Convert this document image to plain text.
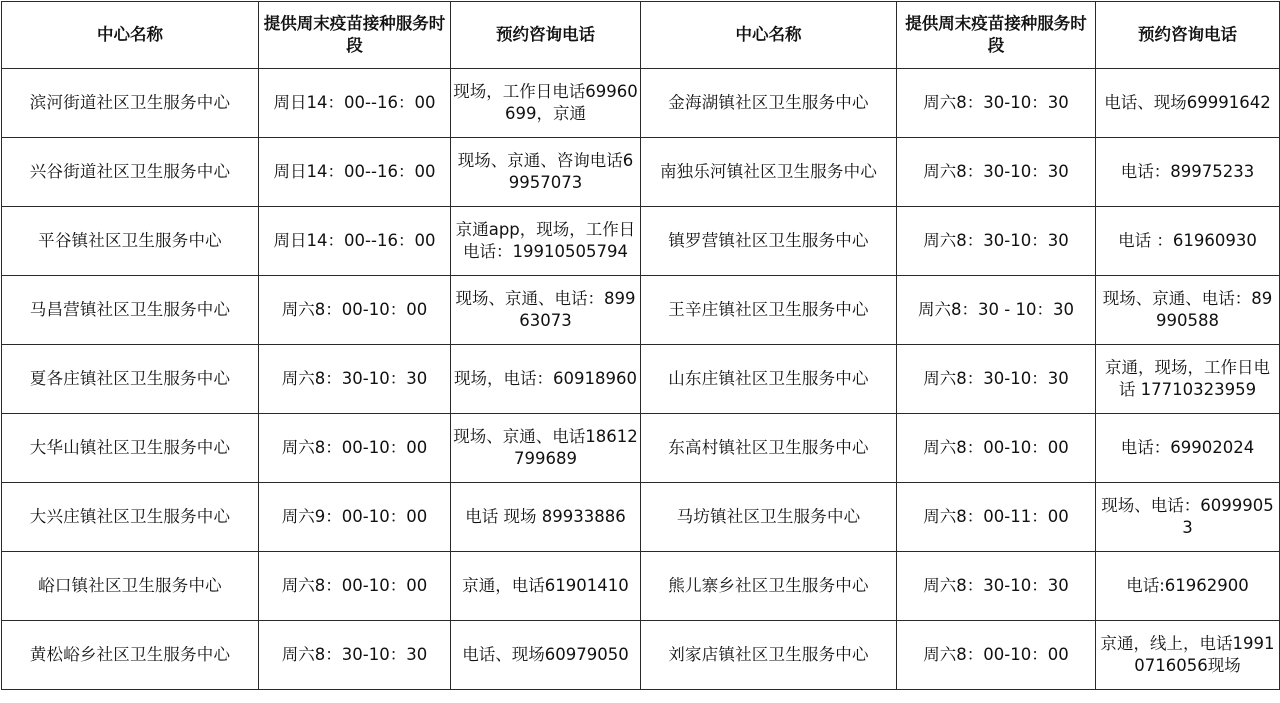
中心名称	提供周末疫苗接种服务时段	预约咨询电话	中心名称	提供周末疫苗接种服务时段	预约咨询电话
滨河街道社区卫生服务中心	周日14：00--16：00	现场，工作日电话69960699，京通	金海湖镇社区卫生服务中心	周六8：30-10：30	电话、现场69991642
兴谷街道社区卫生服务中心	周日14：00--16：00	现场、京通、咨询电话69957073	南独乐河镇社区卫生服务中心	周六8：30-10：30	电话：89975233
平谷镇社区卫生服务中心	周日14：00--16：00	京通app，现场，工作日电话：19910505794	镇罗营镇社区卫生服务中心	周六8：30-10：30	电话 ：61960930
马昌营镇社区卫生服务中心	周六8：00-10：00	现场、京通、电话：89963073	王辛庄镇社区卫生服务中心	周六8：30 - 10：30	现场、京通、电话：89990588
夏各庄镇社区卫生服务中心	周六8：30-10：30	现场，电话：60918960	山东庄镇社区卫生服务中心	周六8：30-10：30	京通，现场，工作日电话 17710323959
大华山镇社区卫生服务中心	周六8：00-10：00	现场、京通、电话18612799689	东高村镇社区卫生服务中心	周六8：00-10：00	电话：69902024
大兴庄镇社区卫生服务中心	周六9：00-10：00	电话 现场 89933886	马坊镇社区卫生服务中心	周六8：00-11：00	现场、电话：60999053
峪口镇社区卫生服务中心	周六8：00-10：00	京通，电话61901410	熊儿寨乡社区卫生服务中心	周六8：30-10：30	电话:61962900
黄松峪乡社区卫生服务中心	周六8：30-10：30	电话、现场60979050	刘家店镇社区卫生服务中心	周六8：00-10：00	京通，线上，电话19910716056现场
